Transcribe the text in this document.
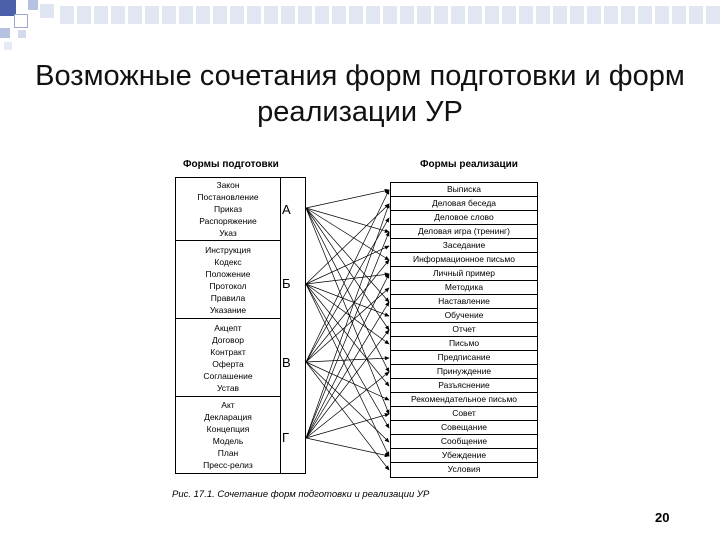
Возможные сочетания форм подготовки и форм
реализации УР
Формы подготовки	Формы реализации
Закон
Постановление
Приказ
Распоряжение
Указ
Инструкция
Кодекс
Положение
Протокол
Правила
Указание
Акцепт
Договор
Контракт
Оферта
Соглашение
Устав
Акт
Декларация
Концепция
Модель
План
Пресс-релиз
А
Б
В
Г
Выписка
Деловая беседа
Деловое слово
Деловая игра (тренинг)
Заседание
Информационное письмо
Личный пример
Методика
Наставление
Обучение
Отчет
Письмо
Предписание
Принуждение
Разъяснение
Рекомендательное письмо
Совет
Совещание
Сообщение
Убеждение
Условия
Рис. 17.1. Сочетание форм подготовки и реализации УР
20
